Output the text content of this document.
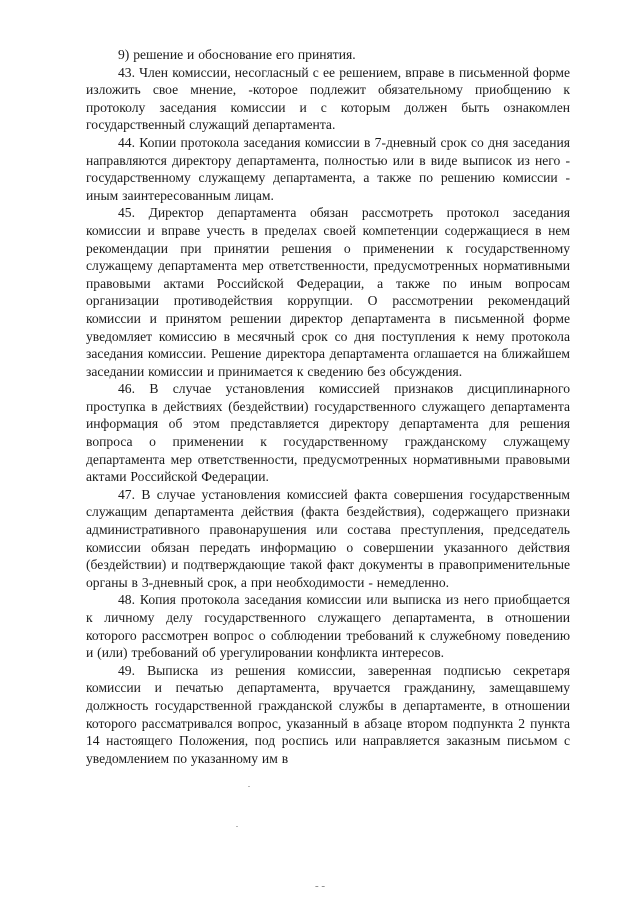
9) решение и обоснование его принятия.

43. Член комиссии, несогласный с ее решением, вправе в письменной форме изложить свое мнение, -которое подлежит обязательному приобщению к протоколу заседания комиссии и с которым должен быть ознакомлен государственный служащий департамента.

44. Копии протокола заседания комиссии в 7-дневный срок со дня заседания направляются директору департамента, полностью или в виде выписок из него - государственному служащему департамента, а также по решению комиссии - иным заинтересованным лицам.

45. Директор департамента обязан рассмотреть протокол заседания комиссии и вправе учесть в пределах своей компетенции содержащиеся в нем рекомендации при принятии решения о применении к государственному служащему департамента мер ответственности, предусмотренных нормативными правовыми актами Российской Федерации, а также по иным вопросам организации противодействия коррупции. О рассмотрении рекомендаций комиссии и принятом решении директор департамента в письменной форме уведомляет комиссию в месячный срок со дня поступления к нему протокола заседания комиссии. Решение директора департамента оглашается на ближайшем заседании комиссии и принимается к сведению без обсуждения.

46. В случае установления комиссией признаков дисциплинарного проступка в действиях (бездействии) государственного служащего департамента информация об этом представляется директору департамента для решения вопроса о применении к государственному гражданскому служащему департамента мер ответственности, предусмотренных нормативными правовыми актами Российской Федерации.

47. В случае установления комиссией факта совершения государственным служащим департамента действия (факта бездействия), содержащего признаки административного правонарушения или состава преступления, председатель комиссии обязан передать информацию о совершении указанного действия (бездействии) и подтверждающие такой факт документы в правоприменительные органы в 3-дневный срок, а при необходимости - немедленно.

48. Копия протокола заседания комиссии или выписка из него приобщается к личному делу государственного служащего департамента, в отношении которого рассмотрен вопрос о соблюдении требований к служебному поведению и (или) требований об урегулировании конфликта интересов.

49. Выписка из решения комиссии, заверенная подписью секретаря комиссии и печатью департамента, вручается гражданину, замещавшему должность государственной гражданской службы в департаменте, в отношении которого рассматривался вопрос, указанный в абзаце втором подпункта 2 пункта 14 настоящего Положения, под роспись или направляется заказным письмом с уведомлением по указанному им в

- -
